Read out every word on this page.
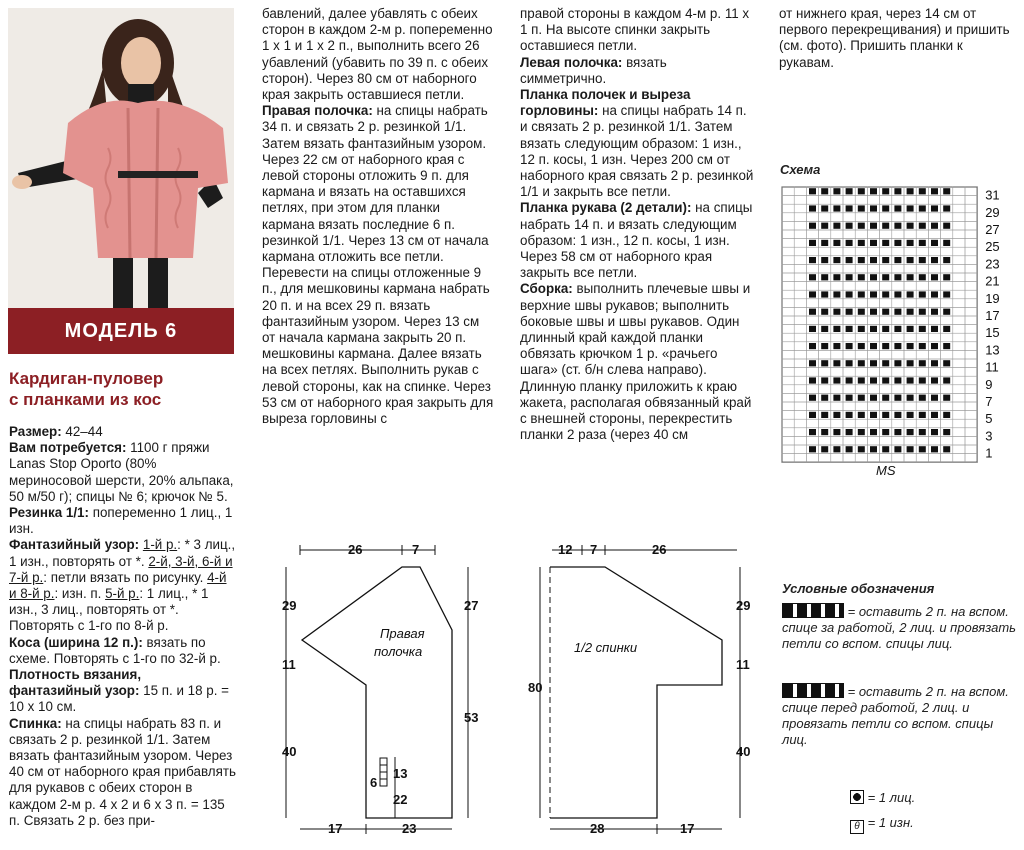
МОДЕЛЬ 6
Кардиган-пуловер
с планками из кос

Размер: 42–44

Вам потребуется: 1100 г пряжи Lanas Stop Oporto (80% мериносовой шерсти, 20% альпака, 50 м/50 г); спицы № 6; крючок № 5.

Резинка 1/1: попеременно 1 лиц., 1 изн.

Фантазийный узор: 1-й р.: * 3 лиц., 1 изн., повторять от *. 2-й, 3-й, 6-й и 7-й р.: петли вязать по рисунку. 4-й и 8-й р.: изн. п. 5-й р.: 1 лиц., * 1 изн., 3 лиц., повторять от *. Повторять с 1-го по 8-й р.

Коса (ширина 12 п.): вязать по схеме. Повторять с 1-го по 32-й р.

Плотность вязания, фантазийный узор: 15 п. и 18 р. = 10 х 10 см.

Спинка: на спицы набрать 83 п. и связать 2 р. резинкой 1/1. Затем вязать фантазийным узором. Через 40 см от наборного края прибавлять для рукавов с обеих сторон в каждом 2-м р. 4 х 2 и 6 х 3 п. = 135 п. Связать 2 р. без при-

бавлений, далее убавлять с обеих сторон в каждом 2-м р. попеременно 1 х 1 и 1 х 2 п., выполнить всего 26 убавлений (убавить по 39 п. с обеих сторон). Через 80 см от наборного края закрыть оставшиеся петли.

Правая полочка: на спицы набрать 34 п. и связать 2 р. резинкой 1/1. Затем вязать фантазийным узором. Через 22 см от наборного края с левой стороны отложить 9 п. для кармана и вязать на оставшихся петлях, при этом для планки кармана вязать последние 6 п. резинкой 1/1. Через 13 см от начала кармана отложить все петли. Перевести на спицы отложенные 9 п., для мешковины кармана набрать 20 п. и на всех 29 п. вязать фантазийным узором. Через 13 см от начала кармана закрыть 20 п. мешковины кармана. Далее вязать на всех петлях. Выполнить рукав с левой стороны, как на спинке. Через 53 см от наборного края закрыть для выреза горловины с

правой стороны в каждом 4-м р. 11 х 1 п. На высоте спинки закрыть оставшиеся петли.

Левая полочка: вязать симметрично.

Планка полочек и выреза горловины: на спицы набрать 14 п. и связать 2 р. резинкой 1/1. Затем вязать следующим образом: 1 изн., 12 п. косы, 1 изн. Через 200 см от наборного края связать 2 р. резинкой 1/1 и закрыть все петли.

Планка рукава (2 детали): на спицы набрать 14 п. и вязать следующим образом: 1 изн., 12 п. косы, 1 изн. Через 58 см от наборного края закрыть все петли.

Сборка: выполнить плечевые швы и верхние швы рукавов; выполнить боковые швы и швы рукавов. Один длинный край каждой планки обвязать крючком 1 р. «рачьего шага» (ст. б/н слева направо). Длинную планку приложить к краю жакета, располагая обвязанный край с внешней стороны, перекрестить планки 2 раза (через 40 см

от нижнего края, через 14 см от первого перекрещивания) и пришить (см. фото). Пришить планки к рукавам.

Схема
31
29
27
25
23
21
19
17
15
13
11
9
7
5
3
1
MS
Условные обозначения
= оставить 2 п. на вспом. спице за работой, 2 лиц. и провязать петли со вспом. спицы лиц.
= оставить 2 п. на вспом. спице перед работой, 2 лиц. и провязать петли со вспом. спицы лиц.
= 1 лиц.
θ = 1 изн.
26	7
29
11
40
27
53
Правая
полочка
13
6
22
17	23
12 7	26
80
29
11
40
1/2 спинки
28	17
